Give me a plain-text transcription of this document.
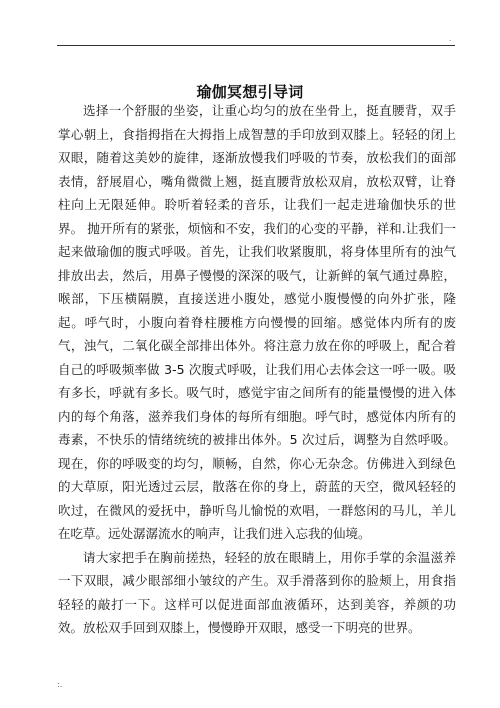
.
瑜伽冥想引导词

选择一个舒服的坐姿，让重心均匀的放在坐骨上，挺直腰背，双手掌心朝上，食指拇指在大拇指上成智慧的手印放到双膝上。轻轻的闭上双眼，随着这美妙的旋律，逐渐放慢我们呼吸的节奏，放松我们的面部表情，舒展眉心，嘴角微微上翘，挺直腰背放松双肩，放松双臂，让脊柱向上无限延伸。聆听着轻柔的音乐，让我们一起走进瑜伽快乐的世界。 抛开所有的紧张，烦恼和不安，我们的心变的平静，祥和.让我们一起来做瑜伽的腹式呼吸。首先，让我们收紧腹肌，将身体里所有的浊气排放出去，然后，用鼻子慢慢的深深的吸气，让新鲜的氧气通过鼻腔，喉部，下压横隔膜，直接送进小腹处，感觉小腹慢慢的向外扩张，隆起。呼气时，小腹向着脊柱腰椎方向慢慢的回缩。感觉体内所有的废气，浊气，二氧化碳全部排出体外。将注意力放在你的呼吸上，配合着自己的呼吸频率做 3-5 次腹式呼吸，让我们用心去体会这一呼一吸。吸有多长，呼就有多长。吸气时，感觉宇宙之间所有的能量慢慢的进入体内的每个角落，滋养我们身体的每所有细胞。呼气时，感觉体内所有的毒素，不快乐的情绪统统的被排出体外。5 次过后，调整为自然呼吸。 现在，你的呼吸变的均匀，顺畅，自然，你心无杂念。仿佛进入到绿色的大草原，阳光透过云层，散落在你的身上，蔚蓝的天空，微风轻轻的吹过，在微风的爱抚中，静听鸟儿愉悦的欢唱，一群悠闲的马儿，羊儿在吃草。远处潺潺流水的响声，让我们进入忘我的仙境。

请大家把手在胸前搓热，轻轻的放在眼睛上，用你手掌的余温滋养一下双眼，减少眼部细小皱纹的产生。双手滑落到你的脸颊上，用食指轻轻的敲打一下。这样可以促进面部血液循环，达到美容，养颜的功效。放松双手回到双膝上，慢慢睁开双眼，感受一下明亮的世界。

:.
